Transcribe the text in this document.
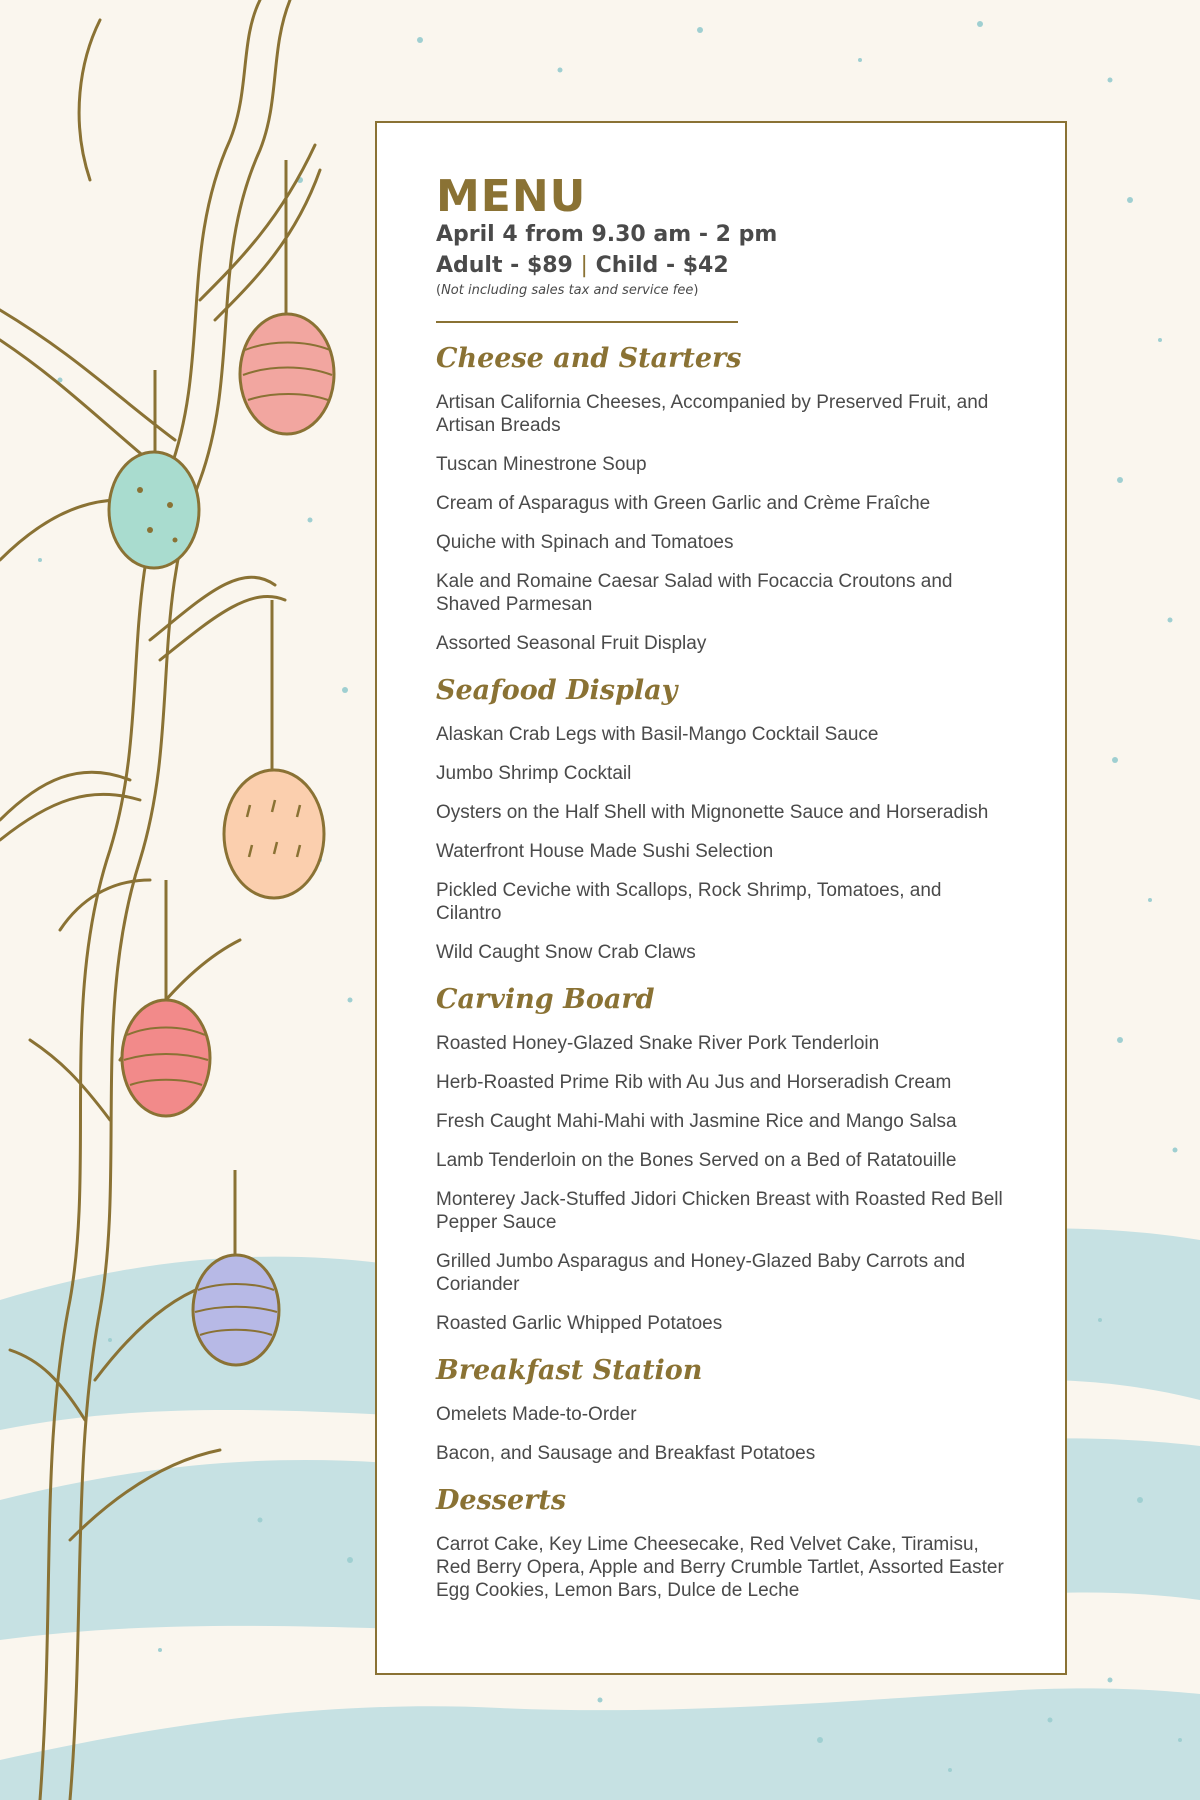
MENU

April 4 from 9.30 am - 2 pm

Adult - $89 | Child - $42

(Not including sales tax and service fee)
Cheese and Starters
Artisan California Cheeses, Accompanied by Preserved Fruit, and Artisan Breads
Tuscan Minestrone Soup
Cream of Asparagus with Green Garlic and Crème Fraîche
Quiche with Spinach and Tomatoes
Kale and Romaine Caesar Salad with Focaccia Croutons and Shaved Parmesan
Assorted Seasonal Fruit Display
Seafood Display
Alaskan Crab Legs with Basil-Mango Cocktail Sauce
Jumbo Shrimp Cocktail
Oysters on the Half Shell with Mignonette Sauce and Horseradish
Waterfront House Made Sushi Selection
Pickled Ceviche with Scallops, Rock Shrimp, Tomatoes, and Cilantro
Wild Caught Snow Crab Claws
Carving Board
Roasted Honey-Glazed Snake River Pork Tenderloin
Herb-Roasted Prime Rib with Au Jus and Horseradish Cream
Fresh Caught Mahi-Mahi with Jasmine Rice and Mango Salsa
Lamb Tenderloin on the Bones Served on a Bed of Ratatouille
Monterey Jack-Stuffed Jidori Chicken Breast with Roasted Red Bell Pepper Sauce
Grilled Jumbo Asparagus and Honey-Glazed Baby Carrots and Coriander
Roasted Garlic Whipped Potatoes
Breakfast Station
Omelets Made-to-Order
Bacon, and Sausage and Breakfast Potatoes
Desserts
Carrot Cake, Key Lime Cheesecake, Red Velvet Cake, Tiramisu, Red Berry Opera, Apple and Berry Crumble Tartlet, Assorted Easter Egg Cookies, Lemon Bars, Dulce de Leche
